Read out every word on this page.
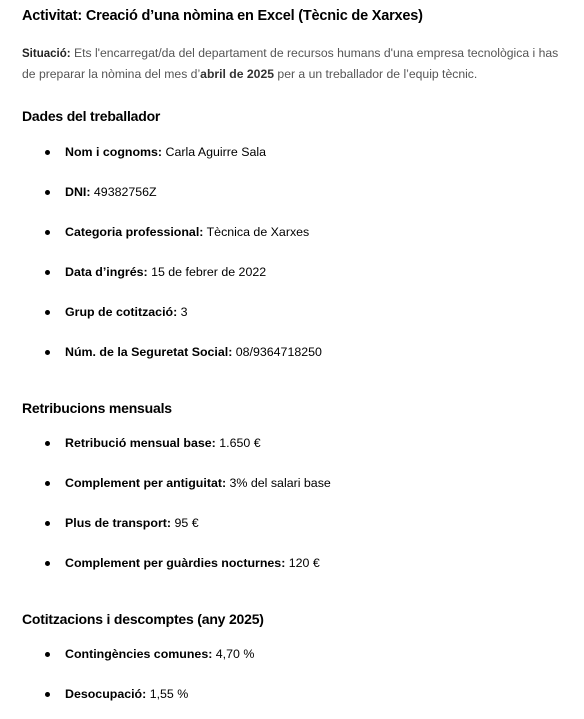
Activitat: Creació d’una nòmina en Excel (Tècnic de Xarxes)

Situació: Ets l'encarregat/da del departament de recursos humans d'una empresa tecnològica i has de preparar la nòmina del mes d’abril de 2025 per a un treballador de l’equip tècnic.

Dades del treballador
Nom i cognoms: Carla Aguirre Sala
DNI: 49382756Z
Categoria professional: Tècnica de Xarxes
Data d’ingrés: 15 de febrer de 2022
Grup de cotització: 3
Núm. de la Seguretat Social: 08/9364718250
Retribucions mensuals
Retribució mensual base: 1.650 €
Complement per antiguitat: 3% del salari base
Plus de transport: 95 €
Complement per guàrdies nocturnes: 120 €
Cotitzacions i descomptes (any 2025)
Contingències comunes: 4,70 %
Desocupació: 1,55 %
